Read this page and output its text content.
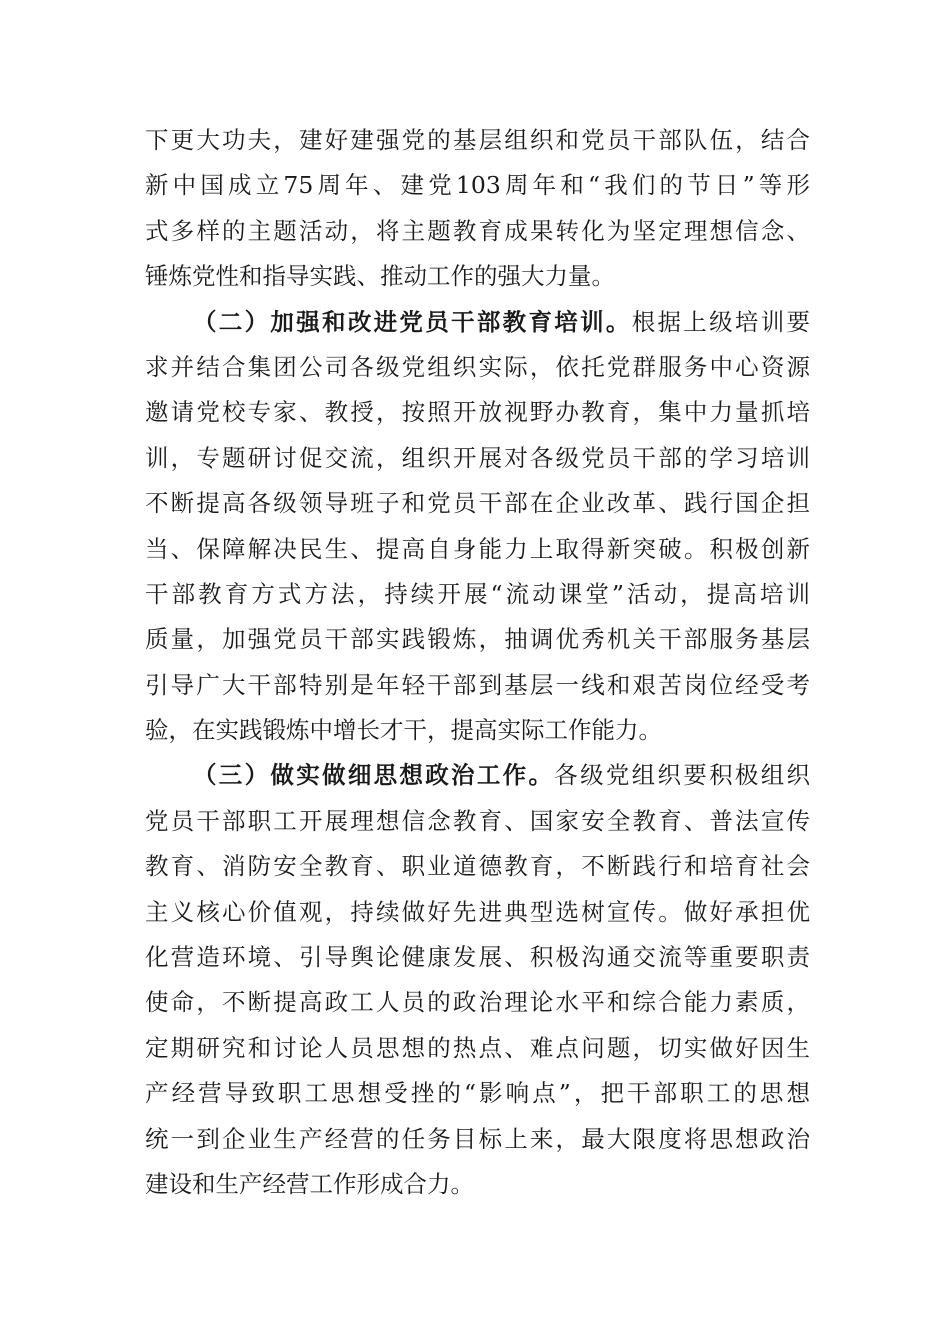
下更大功夫，建好建强党的基层组织和党员干部队伍，结合
新中国成立75周年、建党103周年和“我们的节日”等形
式多样的主题活动，将主题教育成果转化为坚定理想信念、
锤炼党性和指导实践、推动工作的强大力量。
（二）加强和改进党员干部教育培训。根据上级培训要
求并结合集团公司各级党组织实际，依托党群服务中心资源
邀请党校专家、教授，按照开放视野办教育，集中力量抓培
训，专题研讨促交流，组织开展对各级党员干部的学习培训
不断提高各级领导班子和党员干部在企业改革、践行国企担
当、保障解决民生、提高自身能力上取得新突破。积极创新
干部教育方式方法，持续开展“流动课堂”活动，提高培训
质量，加强党员干部实践锻炼，抽调优秀机关干部服务基层
引导广大干部特别是年轻干部到基层一线和艰苦岗位经受考
验，在实践锻炼中增长才干，提高实际工作能力。
（三）做实做细思想政治工作。各级党组织要积极组织
党员干部职工开展理想信念教育、国家安全教育、普法宣传
教育、消防安全教育、职业道德教育，不断践行和培育社会
主义核心价值观，持续做好先进典型选树宣传。做好承担优
化营造环境、引导舆论健康发展、积极沟通交流等重要职责
使命，不断提高政工人员的政治理论水平和综合能力素质，
定期研究和讨论人员思想的热点、难点问题，切实做好因生
产经营导致职工思想受挫的“影响点”，把干部职工的思想
统一到企业生产经营的任务目标上来，最大限度将思想政治
建设和生产经营工作形成合力。
